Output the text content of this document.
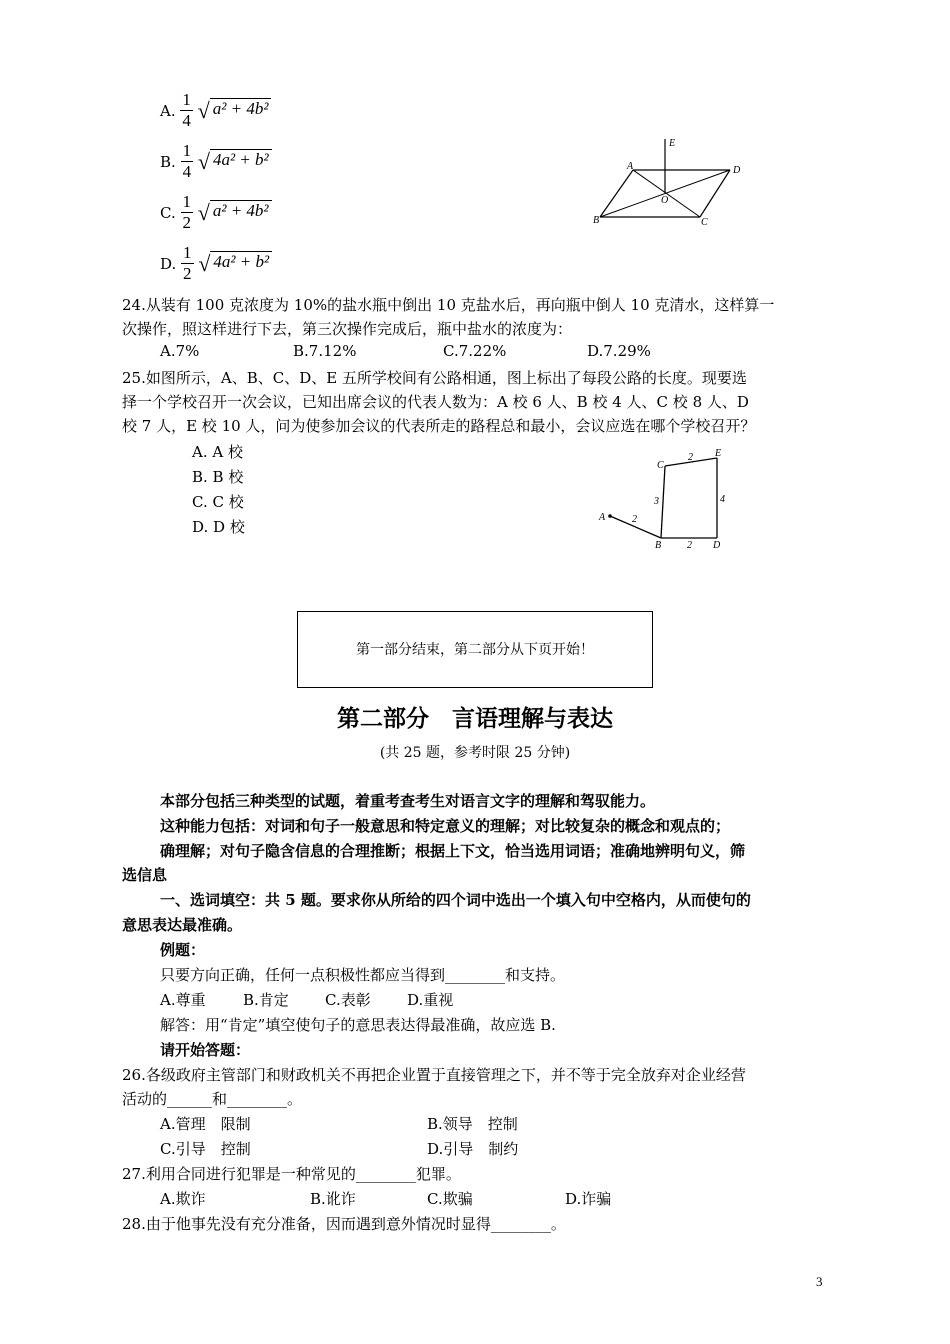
A. $\frac{1}{4}$ √ a² + 4b²
B. $\frac{1}{4}$ √ 4a² + b²
C. $\frac{1}{2}$ √ a² + 4b²
D. $\frac{1}{2}$ √ 4a² + b²
E
A	D
O
B	C
24.从装有 100 克浓度为 10%的盐水瓶中倒出 10 克盐水后，再向瓶中倒人 10 克清水，这样算一
次操作，照这样进行下去，第三次操作完成后，瓶中盐水的浓度为：
A.7%	B.7.12%	C.7.22%	D.7.29%
25.如图所示，A、B、C、D、E 五所学校间有公路相通，图上标出了每段公路的长度。现要选
择一个学校召开一次会议，已知出席会议的代表人数为：A 校 6 人、B 校 4 人、C 校 8 人、D
校 7 人，E 校 10 人，问为使参加会议的代表所走的路程总和最小，会议应选在哪个学校召开？
A. A 校
B. B 校
C. C 校
D. D 校
A
B
C
D
E
2
3
2
4
2
第一部分结束，第二部分从下页开始！
第二部分　言语理解与表达
(共 25 题，参考时限 25 分钟)
本部分包括三种类型的试题，着重考查考生对语言文字的理解和驾驭能力。
这种能力包括：对词和句子一般意思和特定意义的理解；对比较复杂的概念和观点的；
确理解；对句子隐含信息的合理推断；根据上下文，恰当选用词语；准确地辨明句义，筛
选信息
一、选词填空：共 5 题。要求你从所给的四个词中选出一个填入句中空格内，从而使句的
意思表达最准确。
例题：
只要方向正确，任何一点积极性都应当得到________和支持。
A.尊重 B.肯定 C.表彰 D.重视
解答：用“肯定”填空使句子的意思表达得最准确，故应选 B.
请开始答题：
26.各级政府主管部门和财政机关不再把企业置于直接管理之下，并不等于完全放弃对企业经营
活动的______和________。
A.管理　限制	B.领导　控制
C.引导　控制	D.引导　制约
27.利用合同进行犯罪是一种常见的________犯罪。
A.欺诈	B.讹诈	C.欺骗	D.诈骗
28.由于他事先没有充分准备，因而遇到意外情况时显得________。
3
